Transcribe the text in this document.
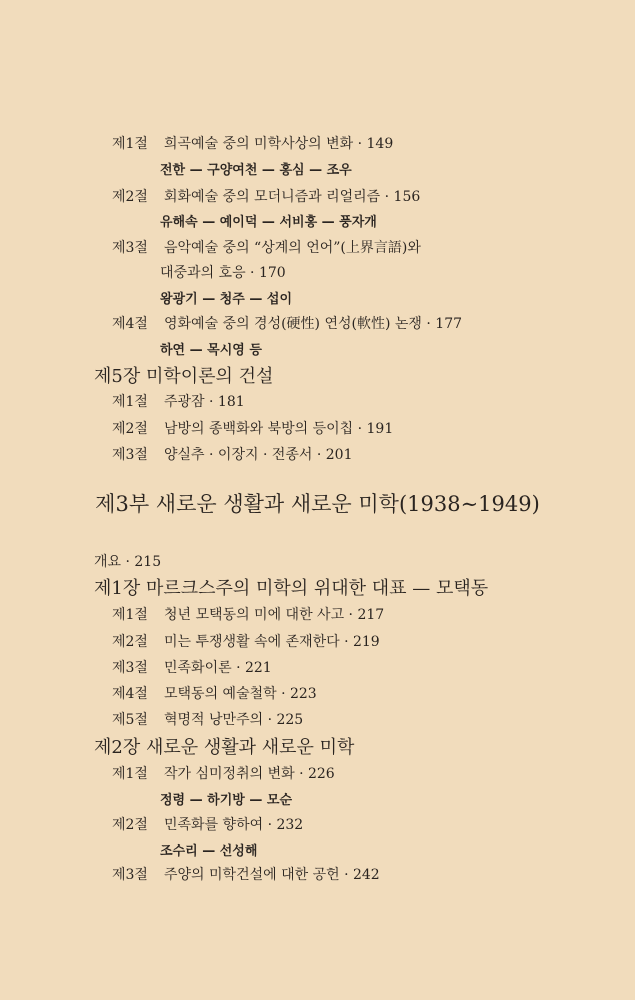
제1절 희곡예술 중의 미학사상의 변화 · 149
전한 — 구양여천 — 홍심 — 조우
제2절 회화예술 중의 모더니즘과 리얼리즘 · 156
유해속 — 예이덕 — 서비홍 — 풍자개
제3절 음악예술 중의 “상계의 언어”(上界言語)와
대중과의 호응 · 170
왕광기 — 청주 — 섭이
제4절 영화예술 중의 경성(硬性) 연성(軟性) 논쟁 · 177
하연 — 목시영 등
제5장 미학이론의 건설
제1절 주광잠 · 181
제2절 남방의 종백화와 북방의 등이칩 · 191
제3절 양실추 · 이장지 · 전종서 · 201
제3부 새로운 생활과 새로운 미학(1938∼1949)
개요 · 215
제1장 마르크스주의 미학의 위대한 대표 — 모택동
제1절 청년 모택동의 미에 대한 사고 · 217
제2절 미는 투쟁생활 속에 존재한다 · 219
제3절 민족화이론 · 221
제4절 모택동의 예술철학 · 223
제5절 혁명적 낭만주의 · 225
제2장 새로운 생활과 새로운 미학
제1절 작가 심미정취의 변화 · 226
정령 — 하기방 — 모순
제2절 민족화를 향하여 · 232
조수리 — 선성해
제3절 주양의 미학건설에 대한 공헌 · 242
